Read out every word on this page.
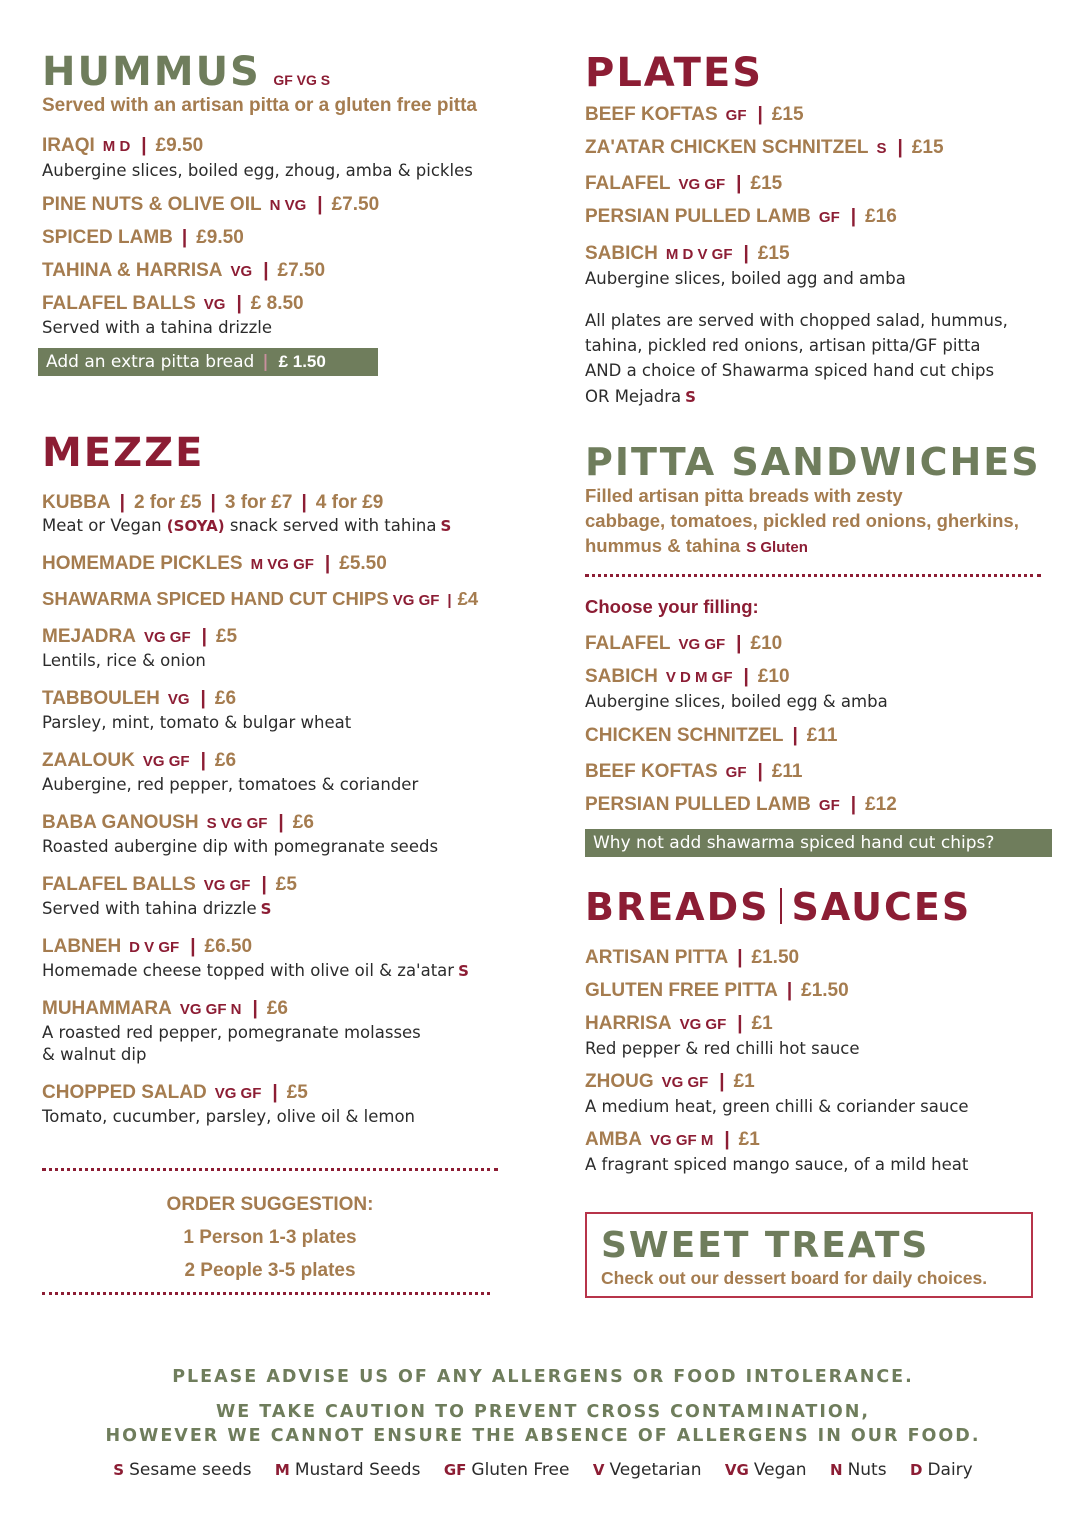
HUMMUS GF VG S
Served with an artisan pitta or a gluten free pitta
IRAQI M D | £9.50
Aubergine slices, boiled egg, zhoug, amba & pickles
PINE NUTS & OLIVE OIL N VG | £7.50
SPICED LAMB | £9.50
TAHINA & HARRISA VG | £7.50
FALAFEL BALLS VG | £ 8.50
Served with a tahina drizzle
Add an extra pitta bread | £ 1.50
MEZZE
KUBBA | 2 for £5 | 3 for £7 | 4 for £9
Meat or Vegan (SOYA) snack served with tahina S
HOMEMADE PICKLES M VG GF | £5.50
SHAWARMA SPICED HAND CUT CHIPS VG GF | £4
MEJADRA VG GF | £5
Lentils, rice & onion
TABBOULEH VG | £6
Parsley, mint, tomato & bulgar wheat
ZAALOUK VG GF | £6
Aubergine, red pepper, tomatoes & coriander
BABA GANOUSH S VG GF | £6
Roasted aubergine dip with pomegranate seeds
FALAFEL BALLS VG GF | £5
Served with tahina drizzle S
LABNEH D V GF | £6.50
Homemade cheese topped with olive oil & za'atar S
MUHAMMARA VG GF N | £6
A roasted red pepper, pomegranate molasses
& walnut dip
CHOPPED SALAD VG GF | £5
Tomato, cucumber, parsley, olive oil & lemon
ORDER SUGGESTION:
1 Person 1-3 plates
2 People 3-5 plates
PLATES
BEEF KOFTAS GF | £15
ZA'ATAR CHICKEN SCHNITZEL S | £15
FALAFEL VG GF | £15
PERSIAN PULLED LAMB GF | £16
SABICH M D V GF | £15
Aubergine slices, boiled agg and amba
All plates are served with chopped salad, hummus,
tahina, pickled red onions, artisan pitta/GF pitta
AND a choice of Shawarma spiced hand cut chips
OR Mejadra S
PITTA SANDWICHES
Filled artisan pitta breads with zesty
cabbage, tomatoes, pickled red onions, gherkins,
hummus & tahina S Gluten
Choose your filling:
FALAFEL VG GF | £10
SABICH V D M GF | £10
Aubergine slices, boiled egg & amba
CHICKEN SCHNITZEL | £11
BEEF KOFTAS GF | £11
PERSIAN PULLED LAMB GF | £12
Why not add shawarma spiced hand cut chips?
BREADS SAUCES
ARTISAN PITTA | £1.50
GLUTEN FREE PITTA | £1.50
HARRISA VG GF | £1
Red pepper & red chilli hot sauce
ZHOUG VG GF | £1
A medium heat, green chilli & coriander sauce
AMBA VG GF M | £1
A fragrant spiced mango sauce, of a mild heat
SWEET TREATS
Check out our dessert board for daily choices.
PLEASE ADVISE US OF ANY ALLERGENS OR FOOD INTOLERANCE.
WE TAKE CAUTION TO PREVENT CROSS CONTAMINATION,
HOWEVER WE CANNOT ENSURE THE ABSENCE OF ALLERGENS IN OUR FOOD.
S Sesame seeds M Mustard Seeds GF Gluten Free V Vegetarian VG Vegan N Nuts D Dairy
